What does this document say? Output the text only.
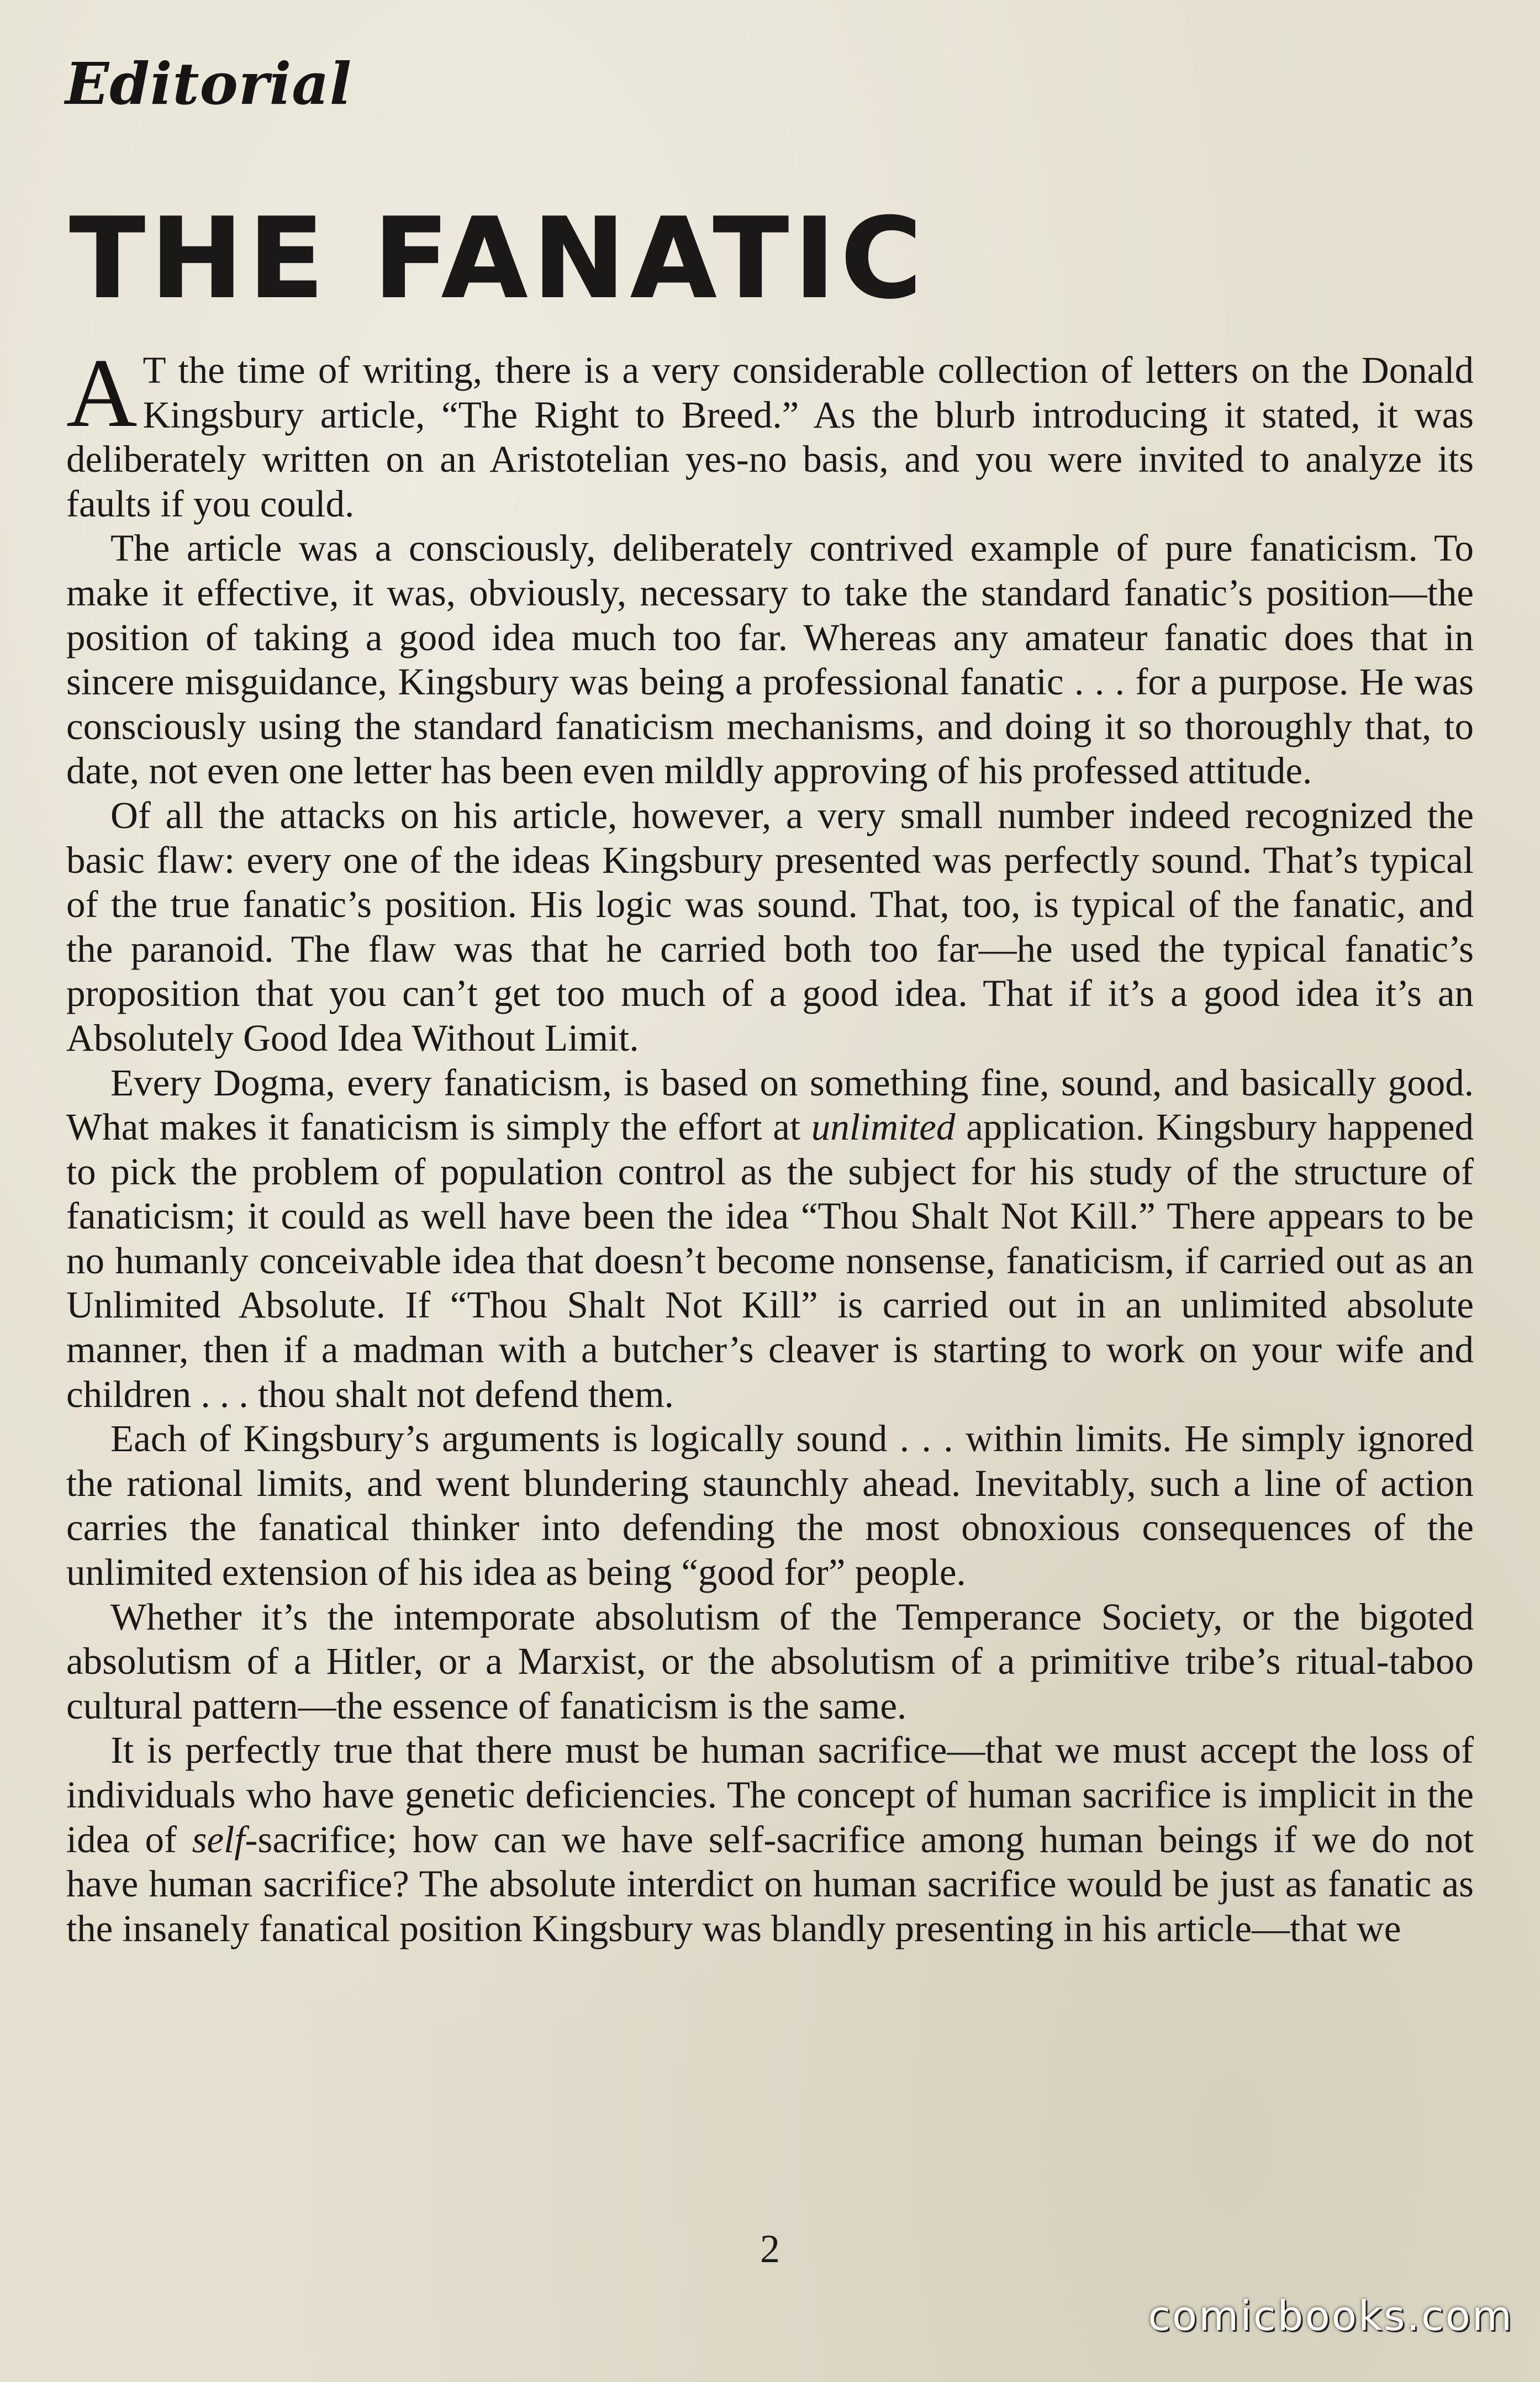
Editorial
THE FANATIC

A T the time of writing, there is a very considerable collection of letters on the Donald Kingsbury article, “The Right to Breed.” As the blurb introducing it stated, it was deliberately written on an Aristotelian yes-no basis, and you were invited to analyze its faults if you could.

The article was a consciously, deliberately contrived example of pure fanaticism. To make it effective, it was, obviously, necessary to take the standard fanatic’s position—the position of taking a good idea much too far. Whereas any amateur fanatic does that in sincere misguidance, Kingsbury was being a professional fanatic . . . for a purpose. He was consciously using the standard fanaticism mechanisms, and doing it so thoroughly that, to date, not even one letter has been even mildly approving of his professed attitude.

Of all the attacks on his article, however, a very small number indeed recognized the basic flaw: every one of the ideas Kingsbury presented was perfectly sound. That’s typical of the true fanatic’s position. His logic was sound. That, too, is typical of the fanatic, and the paranoid. The flaw was that he carried both too far—he used the typical fanatic’s proposition that you can’t get too much of a good idea. That if it’s a good idea it’s an Absolutely Good Idea Without Limit.

Every Dogma, every fanaticism, is based on something fine, sound, and basically good. What makes it fanaticism is simply the effort at unlimited application. Kingsbury happened to pick the problem of population control as the subject for his study of the structure of fanaticism; it could as well have been the idea “Thou Shalt Not Kill.” There appears to be no humanly conceivable idea that doesn’t become nonsense, fanaticism, if carried out as an Unlimited Absolute. If “Thou Shalt Not Kill” is carried out in an unlimited absolute manner, then if a madman with a butcher’s cleaver is starting to work on your wife and children . . . thou shalt not defend them.

Each of Kingsbury’s arguments is logically sound . . . within limits. He simply ignored the rational limits, and went blundering staunchly ahead. Inevitably, such a line of action carries the fanatical thinker into defending the most obnoxious consequences of the unlimited extension of his idea as being “good for” people.

Whether it’s the intemporate absolutism of the Temperance Society, or the bigoted absolutism of a Hitler, or a Marxist, or the absolutism of a primitive tribe’s ritual-taboo cultural pattern—the essence of fanaticism is the same.

It is perfectly true that there must be human sacrifice—that we must accept the loss of individuals who have genetic deficiencies. The concept of human sacrifice is implicit in the idea of self-sacrifice; how can we have self-sacrifice among human beings if we do not have human sacrifice? The absolute interdict on human sacrifice would be just as fanatic as the insanely fanatical position Kingsbury was blandly presenting in his article—that we

2

comicbooks.com
